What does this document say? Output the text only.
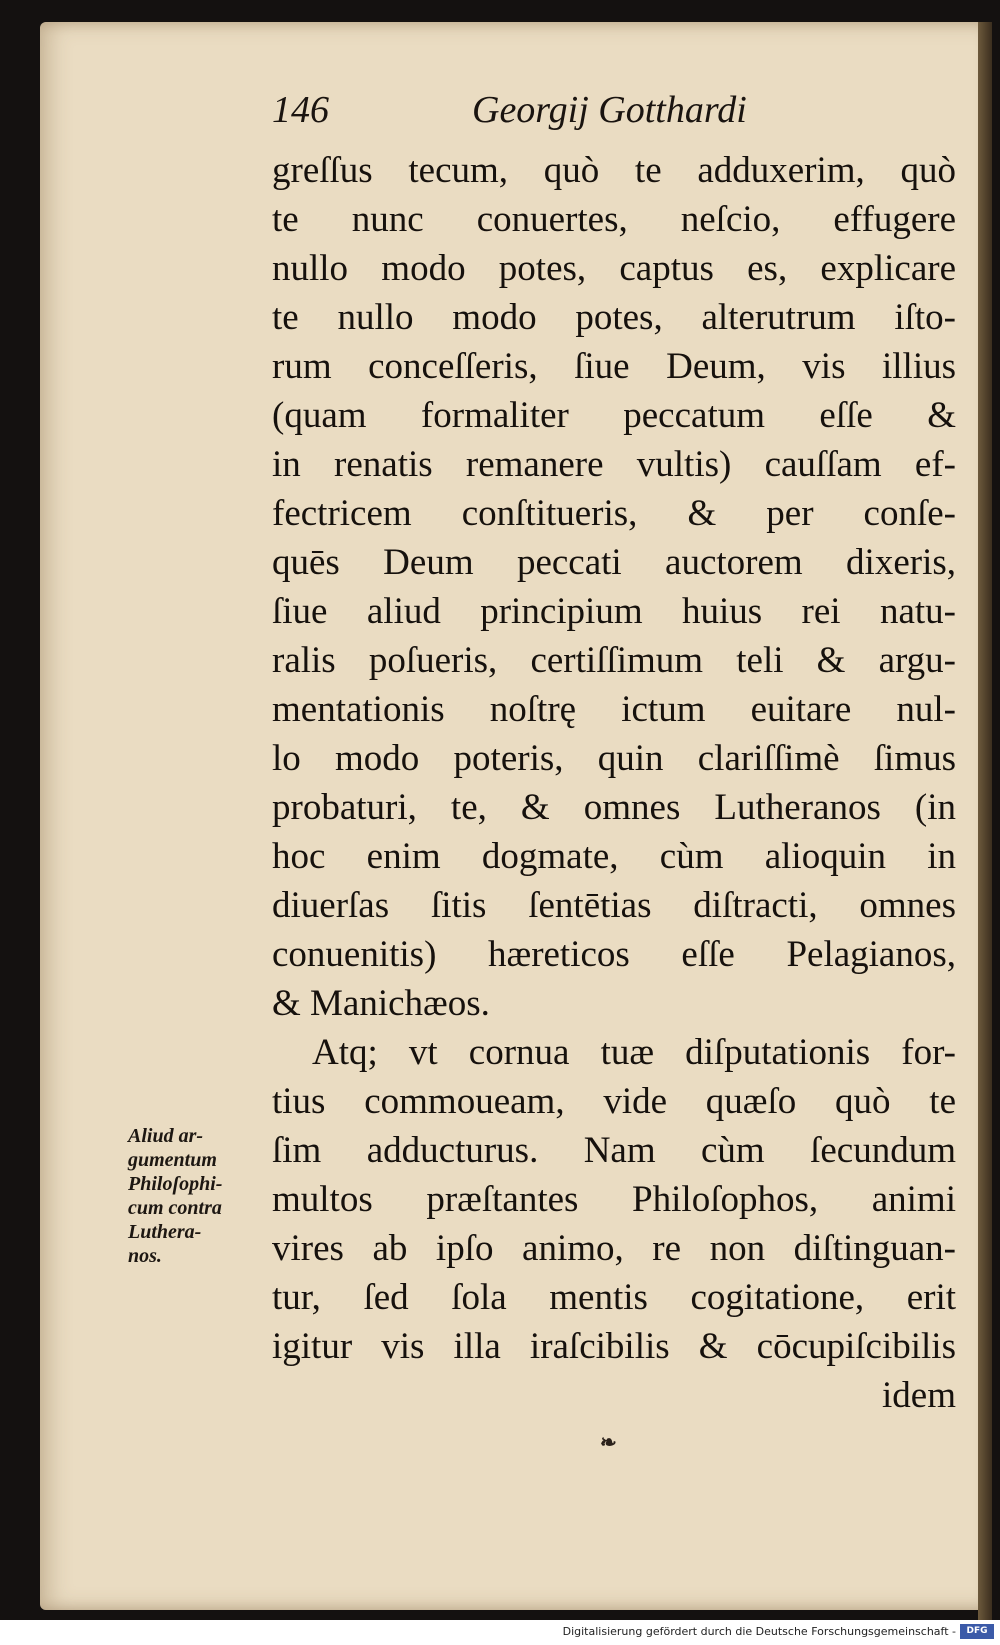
146	Georgij Gotthardi
greſſus tecum, quò te adduxerim, quò
te nunc conuertes, neſcio, effugere
nullo modo potes, captus es, explicare
te nullo modo potes, alterutrum iſto-
rum conceſſeris, ſiue Deum, vis illius
(quam formaliter peccatum eſſe &
in renatis remanere vultis) cauſſam ef-
fectricem conſtitueris, & per conſe-
quēs Deum peccati auctorem dixeris,
ſiue aliud principium huius rei natu-
ralis poſueris, certiſſimum teli & argu-
mentationis noſtrę ictum euitare nul-
lo modo poteris, quin clariſſimè ſimus
probaturi, te, & omnes Lutheranos (in
hoc enim dogmate, cùm alioquin in
diuerſas ſitis ſentētias diſtracti, omnes
conuenitis) hæreticos eſſe Pelagianos,
& Manichæos.
Atq; vt cornua tuæ diſputationis for-
tius commoueam, vide quæſo quò te
ſim adducturus. Nam cùm ſecundum
multos præſtantes Philoſophos, animi
vires ab ipſo animo, re non diſtinguan-
tur, ſed ſola mentis cogitatione, erit
igitur vis illa iraſcibilis & cōcupiſcibilis
idem
Aliud ar-
gumentum
Philoſophi-
cum contra
Luthera-
nos.
❧
Digitalisierung gefördert durch die Deutsche Forschungsgemeinschaft -	DFG
